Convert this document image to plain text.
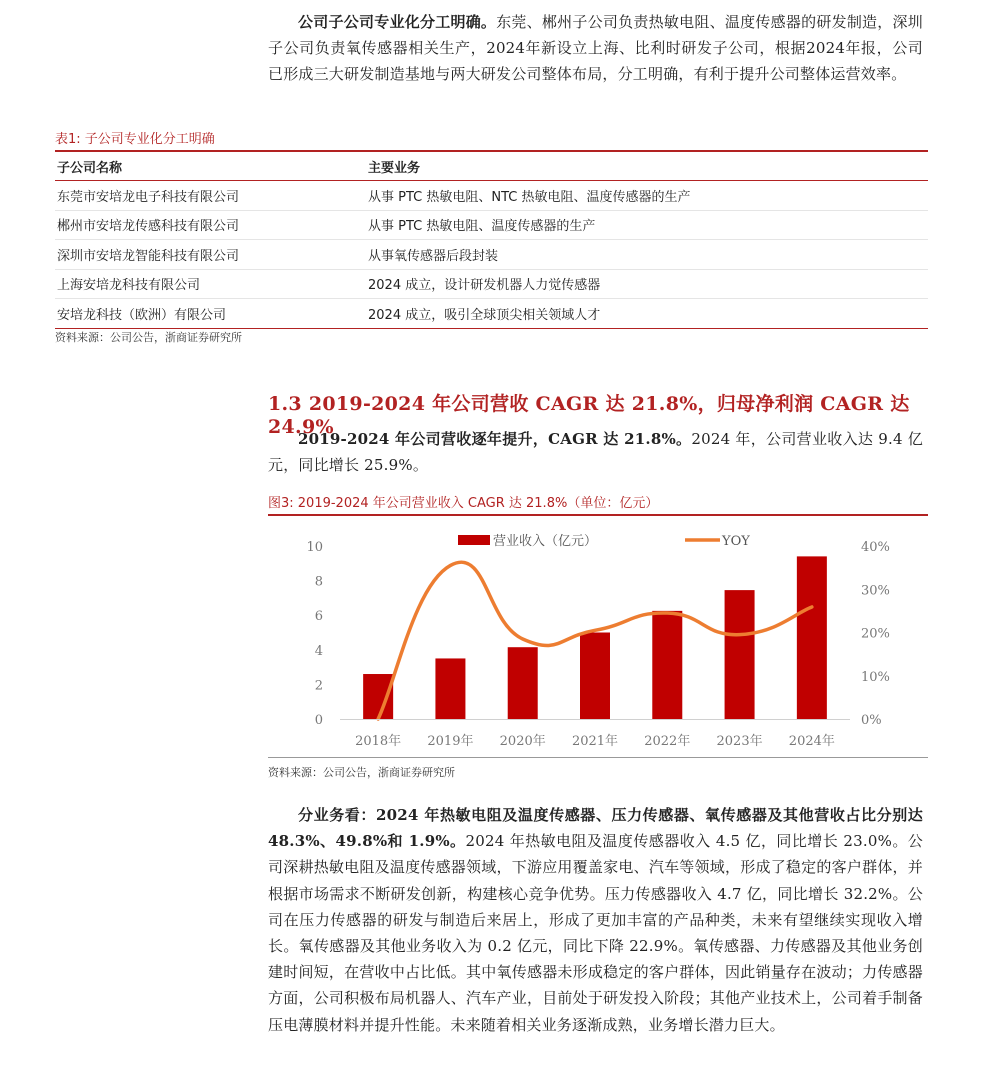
公司子公司专业化分工明确。东莞、郴州子公司负责热敏电阻、温度传感器的研发制造，深圳子公司负责氧传感器相关生产，2024年新设立上海、比利时研发子公司，根据2024年报，公司已形成三大研发制造基地与两大研发公司整体布局，分工明确，有利于提升公司整体运营效率。

表1: 子公司专业化分工明确
子公司名称	主要业务
东莞市安培龙电子科技有限公司	从事 PTC 热敏电阻、NTC 热敏电阻、温度传感器的生产
郴州市安培龙传感科技有限公司	从事 PTC 热敏电阻、温度传感器的生产
深圳市安培龙智能科技有限公司	从事氧传感器后段封装
上海安培龙科技有限公司	2024 成立，设计研发机器人力觉传感器
安培龙科技（欧洲）有限公司	2024 成立，吸引全球顶尖相关领域人才
资料来源：公司公告，浙商证券研究所
1.3 2019-2024 年公司营收 CAGR 达 21.8%，归母净利润 CAGR 达 24.9%

2019-2024 年公司营收逐年提升，CAGR 达 21.8%。2024 年，公司营业收入达 9.4 亿元，同比增长 25.9%。

图3: 2019-2024 年公司营业收入 CAGR 达 21.8%（单位：亿元）
0
2
4
6
8
10
0%
10%
20%
30%
40%
2018年 2019年 2020年 2021年 2022年 2023年 2024年
营业收入（亿元）	YOY
资料来源：公司公告，浙商证券研究所

分业务看：2024 年热敏电阻及温度传感器、压力传感器、氧传感器及其他营收占比分别达 48.3%、49.8%和 1.9%。2024 年热敏电阻及温度传感器收入 4.5 亿，同比增长 23.0%。公司深耕热敏电阻及温度传感器领域，下游应用覆盖家电、汽车等领域，形成了稳定的客户群体，并根据市场需求不断研发创新，构建核心竞争优势。压力传感器收入 4.7 亿，同比增长 32.2%。公司在压力传感器的研发与制造后来居上，形成了更加丰富的产品种类，未来有望继续实现收入增长。氧传感器及其他业务收入为 0.2 亿元，同比下降 22.9%。氧传感器、力传感器及其他业务创建时间短，在营收中占比低。其中氧传感器未形成稳定的客户群体，因此销量存在波动；力传感器方面，公司积极布局机器人、汽车产业，目前处于研发投入阶段；其他产业技术上，公司着手制备压电薄膜材料并提升性能。未来随着相关业务逐渐成熟，业务增长潜力巨大。
